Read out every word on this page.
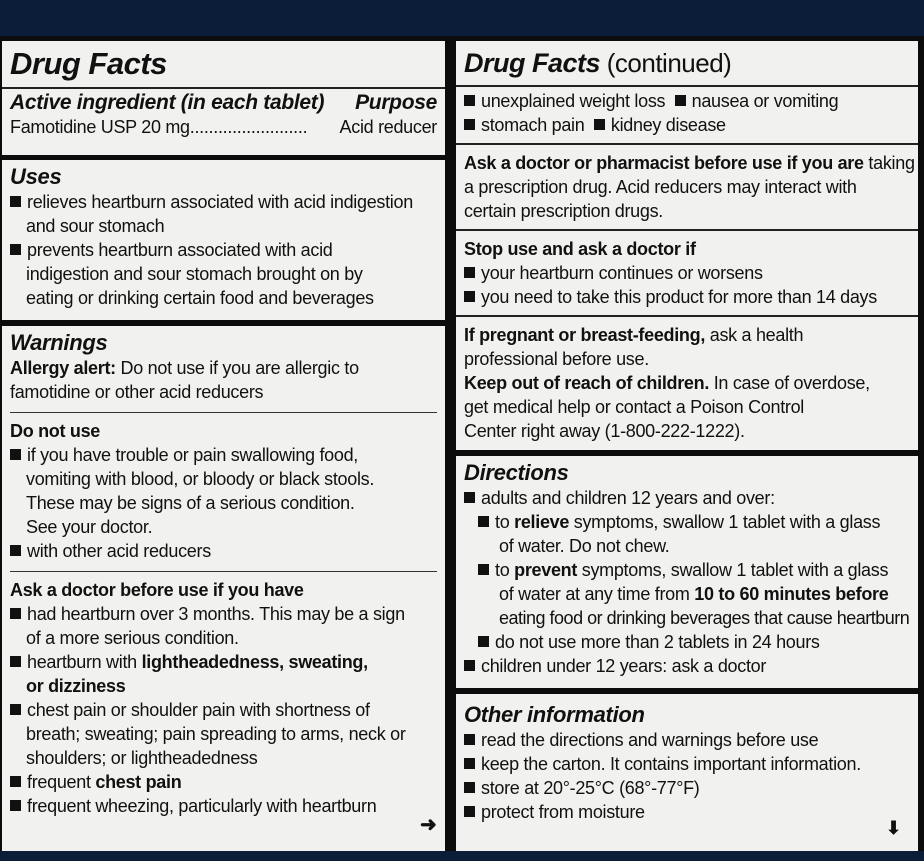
Drug Facts
Active ingredient (in each tablet) Purpose
Famotidine USP 20 mg......................... Acid reducer
Uses
relieves heartburn associated with acid indigestion
and sour stomach
prevents heartburn associated with acid
indigestion and sour stomach brought on by
eating or drinking certain food and beverages
Warnings
Allergy alert: Do not use if you are allergic to
famotidine or other acid reducers
Do not use
if you have trouble or pain swallowing food,
vomiting with blood, or bloody or black stools.
These may be signs of a serious condition.
See your doctor.
with other acid reducers
Ask a doctor before use if you have
had heartburn over 3 months. This may be a sign
of a more serious condition.
heartburn with lightheadedness, sweating,
or dizziness
chest pain or shoulder pain with shortness of
breath; sweating; pain spreading to arms, neck or
shoulders; or lightheadedness
frequent chest pain
frequent wheezing, particularly with heartburn
➜
Drug Facts (continued)
unexplained weight loss nausea or vomiting
stomach pain kidney disease
Ask a doctor or pharmacist before use if you are taking
a prescription drug. Acid reducers may interact with
certain prescription drugs.
Stop use and ask a doctor if
your heartburn continues or worsens
you need to take this product for more than 14 days
If pregnant or breast-feeding, ask a health
professional before use.
Keep out of reach of children. In case of overdose,
get medical help or contact a Poison Control
Center right away (1-800-222-1222).
Directions
adults and children 12 years and over:
to relieve symptoms, swallow 1 tablet with a glass
of water. Do not chew.
to prevent symptoms, swallow 1 tablet with a glass
of water at any time from 10 to 60 minutes before
eating food or drinking beverages that cause heartburn
do not use more than 2 tablets in 24 hours
children under 12 years: ask a doctor
Other information
read the directions and warnings before use
keep the carton. It contains important information.
store at 20°-25°C (68°-77°F)
protect from moisture
⬇
